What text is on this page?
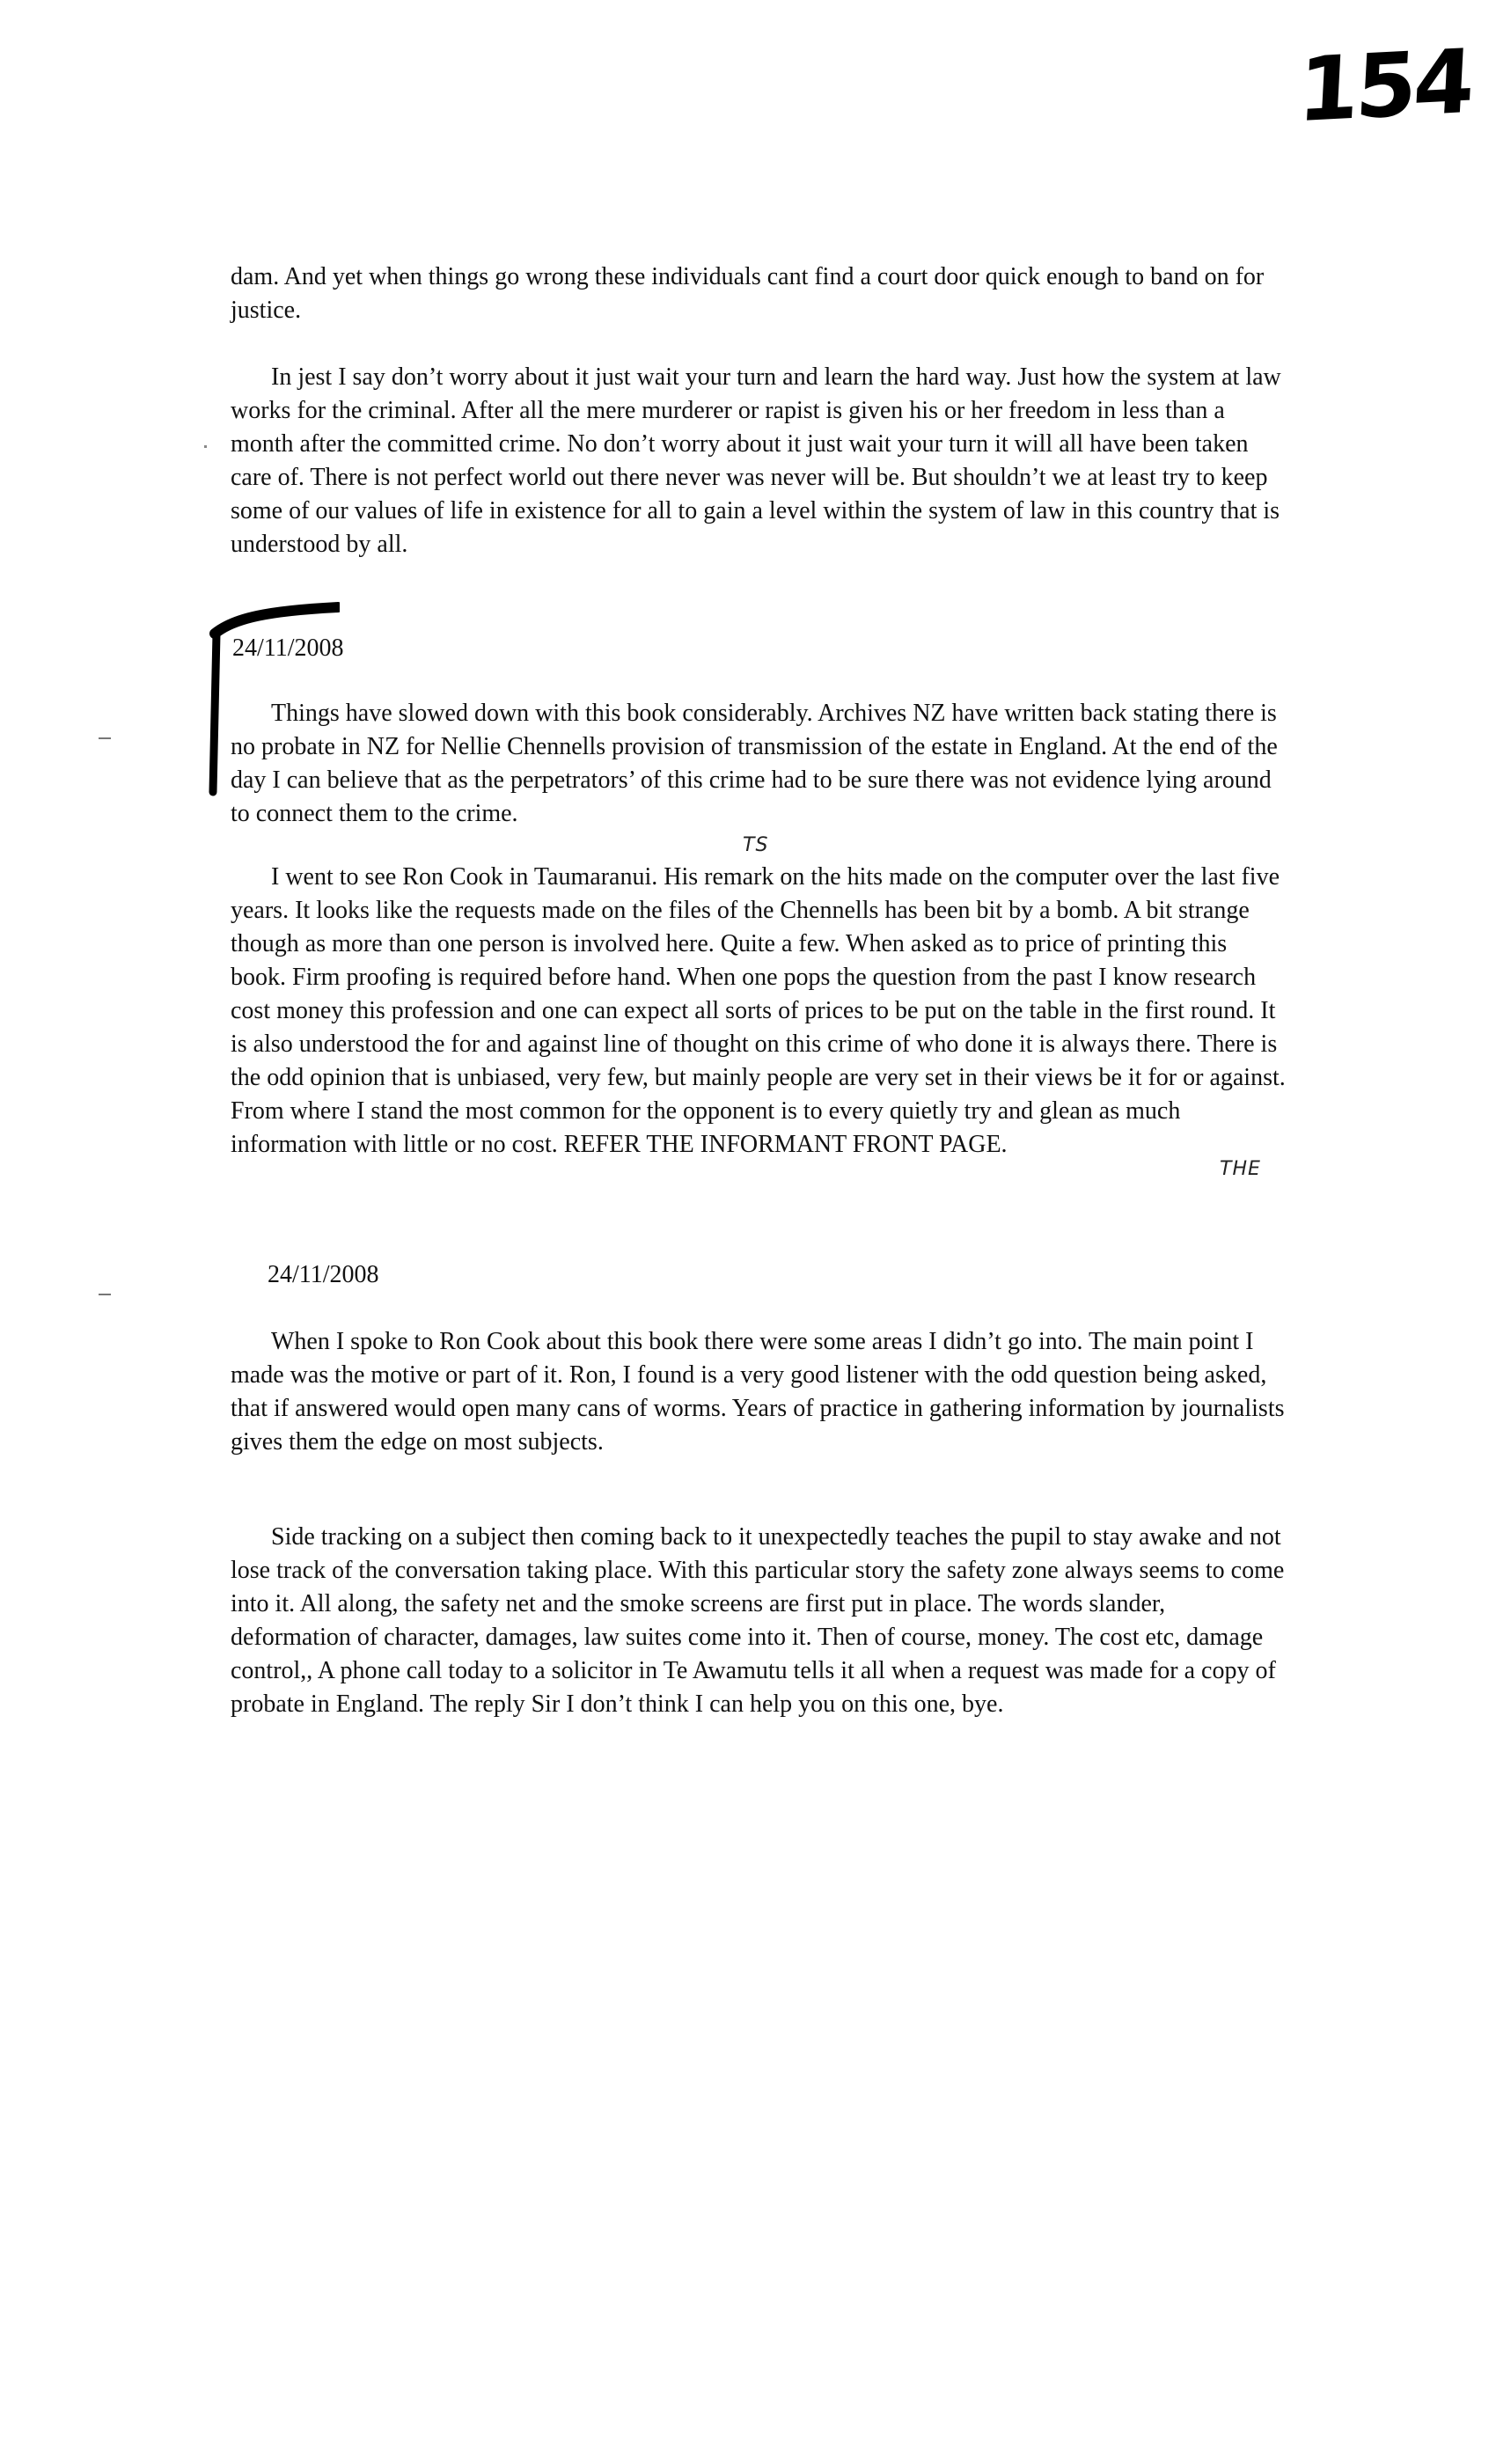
154

dam. And yet when things go wrong these individuals cant find a court door quick enough to band on for justice.

In jest I say don’t worry about it just wait your turn and learn the hard way. Just how the system at law works for the criminal. After all the mere murderer or rapist is given his or her freedom in less than a month after the committed crime. No don’t worry about it just wait your turn it will all have been taken care of. There is not perfect world out there never was never will be. But shouldn’t we at least try to keep some of our values of life in existence for all to gain a level within the system of law in this country that is understood by all.

24/11/2008

Things have slowed down with this book considerably. Archives NZ have written back stating there is no probate in NZ for Nellie Chennells provision of transmission of the estate in England. At the end of the day I can believe that as the perpetrators’ of this crime had to be sure there was not evidence lying around to connect them to the crime.

TS

I went to see Ron Cook in Taumaranui. His remark on the hits made on the computer over the last five years. It looks like the requests made on the files of the Chennells has been bit by a bomb. A bit strange though as more than one person is involved here. Quite a few. When asked as to price of printing this book. Firm proofing is required before hand. When one pops the question from the past I know research cost money this profession and one can expect all sorts of prices to be put on the table in the first round. It is also understood the for and against line of thought on this crime of who done it is always there. There is the odd opinion that is unbiased, very few, but mainly people are very set in their views be it for or against. From where I stand the most common for the opponent is to every quietly try and glean as much information with little or no cost. REFER THE INFORMANT FRONT PAGE.

THE

24/11/2008

When I spoke to Ron Cook about this book there were some areas I didn’t go into. The main point I made was the motive or part of it. Ron, I found is a very good listener with the odd question being asked, that if answered would open many cans of worms. Years of practice in gathering information by journalists gives them the edge on most subjects.

Side tracking on a subject then coming back to it unexpectedly teaches the pupil to stay awake and not lose track of the conversation taking place. With this particular story the safety zone always seems to come into it. All along, the safety net and the smoke screens are first put in place. The words slander, deformation of character, damages, law suites come into it. Then of course, money. The cost etc, damage control,, A phone call today to a solicitor in Te Awamutu tells it all when a request was made for a copy of probate in England. The reply Sir I don’t think I can help you on this one, bye.
